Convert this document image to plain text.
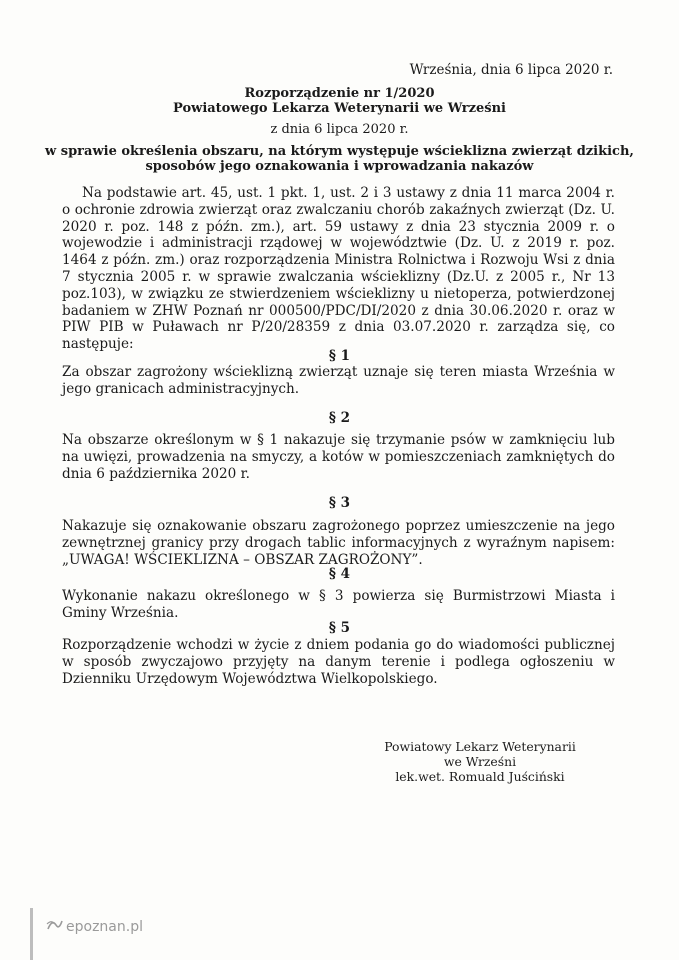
Września, dnia 6 lipca 2020 r.
Rozporządzenie nr 1/2020
Powiatowego Lekarza Weterynarii we Wrześni
z dnia 6 lipca 2020 r.
w sprawie określenia obszaru, na którym występuje wścieklizna zwierząt dzikich,
sposobów jego oznakowania i wprowadzania nakazów
Na podstawie art. 45, ust. 1 pkt. 1, ust. 2 i 3 ustawy z dnia 11 marca 2004 r. o ochronie zdrowia zwierząt oraz zwalczaniu chorób zakaźnych zwierząt (Dz. U. 2020 r. poz. 148 z późn. zm.), art. 59 ustawy z dnia 23 stycznia 2009 r. o wojewodzie i administracji rządowej w województwie (Dz. U. z 2019 r. poz. 1464 z późn. zm.) oraz rozporządzenia Ministra Rolnictwa i Rozwoju Wsi z dnia 7 stycznia 2005 r. w sprawie zwalczania wścieklizny (Dz.U. z 2005 r., Nr 13 poz.103), w związku ze stwierdzeniem wścieklizny u nietoperza, potwierdzonej badaniem w ZHW Poznań nr 000500/PDC/DI/2020 z dnia 30.06.2020 r. oraz w PIW PIB w Puławach nr P/20/28359 z dnia 03.07.2020 r. zarządza się, co następuje:
§ 1
Za obszar zagrożony wścieklizną zwierząt uznaje się teren miasta Września w jego granicach administracyjnych.
§ 2
Na obszarze określonym w § 1 nakazuje się trzymanie psów w zamknięciu lub na uwięzi, prowadzenia na smyczy, a kotów w pomieszczeniach zamkniętych do dnia 6 października 2020 r.
§ 3
Nakazuje się oznakowanie obszaru zagrożonego poprzez umieszczenie na jego zewnętrznej granicy przy drogach tablic informacyjnych z wyraźnym napisem: „UWAGA! WŚCIEKLIZNA – OBSZAR ZAGROŻONY”.
§ 4
Wykonanie nakazu określonego w § 3 powierza się Burmistrzowi Miasta i Gminy Września.
§ 5
Rozporządzenie wchodzi w życie z dniem podania go do wiadomości publicznej w sposób zwyczajowo przyjęty na danym terenie i podlega ogłoszeniu w Dzienniku Urzędowym Województwa Wielkopolskiego.
Powiatowy Lekarz Weterynarii
we Wrześni
lek.wet. Romuald Juściński
epoznan.pl
